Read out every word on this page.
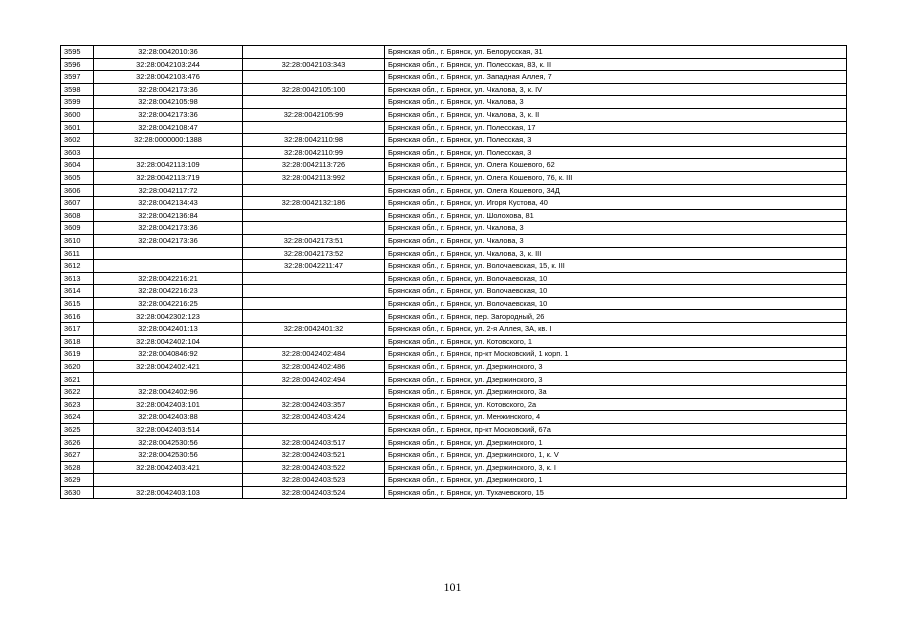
3595	32:28:0042010:36		Брянская обл., г. Брянск, ул. Белорусская, 31
3596	32:28:0042103:244	32:28:0042103:343	Брянская обл., г. Брянск, ул. Полесская, 83, к. II
3597	32:28:0042103:476		Брянская обл., г. Брянск, ул. Западная Аллея, 7
3598	32:28:0042173:36	32:28:0042105:100	Брянская обл., г. Брянск, ул. Чкалова, 3, к. IV
3599	32:28:0042105:98		Брянская обл., г. Брянск, ул. Чкалова, 3
3600	32:28:0042173:36	32:28:0042105:99	Брянская обл., г. Брянск, ул. Чкалова, 3, к. II
3601	32:28:0042108:47		Брянская обл., г. Брянск, ул. Полесская, 17
3602	32:28:0000000:1388	32:28:0042110:98	Брянская обл., г. Брянск, ул. Полесская, 3
3603		32:28:0042110:99	Брянская обл., г. Брянск, ул. Полесская, 3
3604	32:28:0042113:109	32:28:0042113:726	Брянская обл., г. Брянск, ул. Олега Кошевого, 62
3605	32:28:0042113:719	32:28:0042113:992	Брянская обл., г. Брянск, ул. Олега Кошевого, 76, к. III
3606	32:28:0042117:72		Брянская обл., г. Брянск, ул. Олега Кошевого, 34Д
3607	32:28:0042134:43	32:28:0042132:186	Брянская обл., г. Брянск, ул. Игоря Кустова, 40
3608	32:28:0042136:84		Брянская обл., г. Брянск, ул. Шолохова, 81
3609	32:28:0042173:36		Брянская обл., г. Брянск, ул. Чкалова, 3
3610	32:28:0042173:36	32:28:0042173:51	Брянская обл., г. Брянск, ул. Чкалова, 3
3611		32:28:0042173:52	Брянская обл., г. Брянск, ул. Чкалова, 3, к. III
3612		32:28:0042211:47	Брянская обл., г. Брянск, ул. Волочаевская, 15, к. III
3613	32:28:0042216:21		Брянская обл., г. Брянск, ул. Волочаевская, 10
3614	32:28:0042216:23		Брянская обл., г. Брянск, ул. Волочаевская, 10
3615	32:28:0042216:25		Брянская обл., г. Брянск, ул. Волочаевская, 10
3616	32:28:0042302:123		Брянская обл., г. Брянск, пер. Загородный, 26
3617	32:28:0042401:13	32:28:0042401:32	Брянская обл., г. Брянск, ул. 2-я Аллея, 3А, кв. I
3618	32:28:0042402:104		Брянская обл., г. Брянск, ул. Котовского, 1
3619	32:28:0040846:92	32:28:0042402:484	Брянская обл., г. Брянск, пр-кт Московский, 1 корп. 1
3620	32:28:0042402:421	32:28:0042402:486	Брянская обл., г. Брянск, ул. Дзержинского, 3
3621		32:28:0042402:494	Брянская обл., г. Брянск, ул. Дзержинского, 3
3622	32:28:0042402:96		Брянская обл., г. Брянск, ул. Дзержинского, 3а
3623	32:28:0042403:101	32:28:0042403:357	Брянская обл., г. Брянск, ул. Котовского, 2а
3624	32:28:0042403:88	32:28:0042403:424	Брянская обл., г. Брянск, ул. Менжинского, 4
3625	32:28:0042403:514		Брянская обл., г. Брянск, пр-кт Московский, 67а
3626	32:28:0042530:56	32:28:0042403:517	Брянская обл., г. Брянск, ул. Дзержинского, 1
3627	32:28:0042530:56	32:28:0042403:521	Брянская обл., г. Брянск, ул. Дзержинского, 1, к. V
3628	32:28:0042403:421	32:28:0042403:522	Брянская обл., г. Брянск, ул. Дзержинского, 3, к. I
3629		32:28:0042403:523	Брянская обл., г. Брянск, ул. Дзержинского, 1
3630	32:28:0042403:103	32:28:0042403:524	Брянская обл., г. Брянск, ул. Тухачевского, 15
101
